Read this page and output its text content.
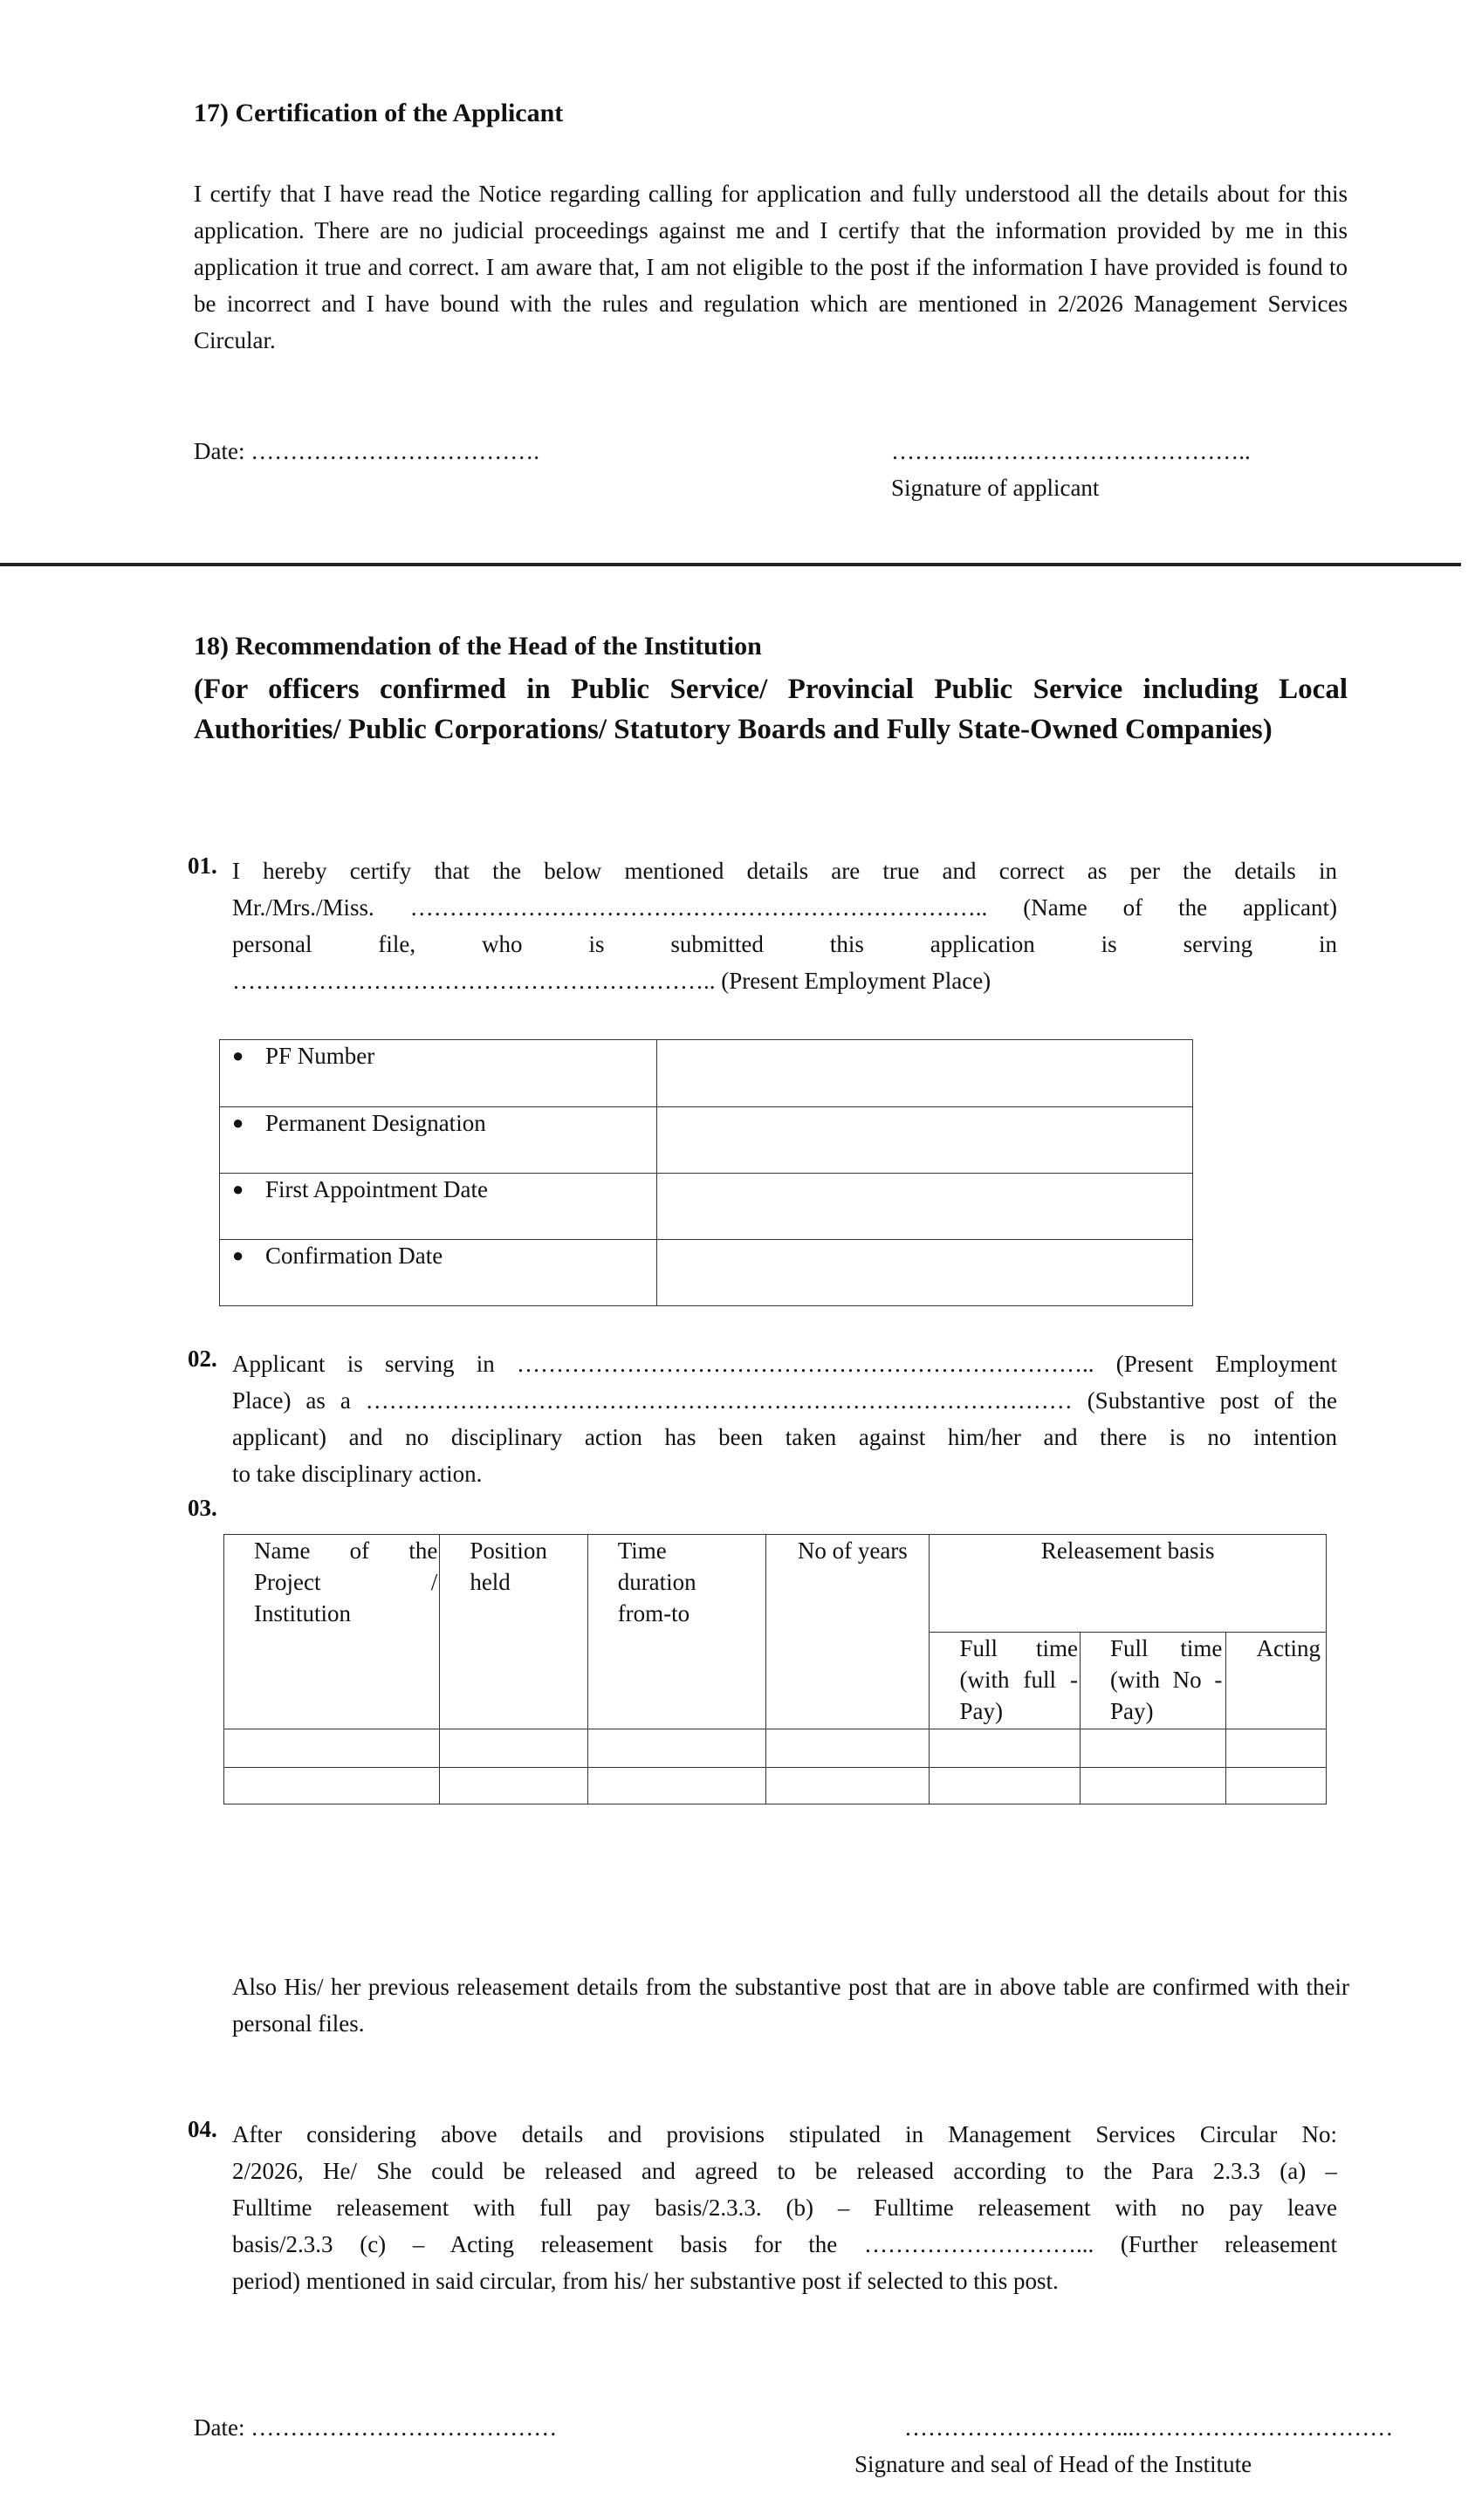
17) Certification of the Applicant
I certify that I have read the Notice regarding calling for application and fully understood all the details about for this application. There are no judicial proceedings against me and I certify that the information provided by me in this application it true and correct. I am aware that, I am not eligible to the post if the information I have provided is found to be incorrect and I have bound with the rules and regulation which are mentioned in 2/2026 Management Services Circular.
Date: ……………………………….	………...……………………………..
Signature of applicant
18) Recommendation of the Head of the Institution
(For officers confirmed in Public Service/ Provincial Public Service including Local Authorities/ Public Corporations/ Statutory Boards and Fully State-Owned Companies)
01. I hereby certify that the below mentioned details are true and correct as per the details in
Mr./Mrs./Miss. ……………………………………………………………….. (Name of the applicant)
personal file, who is submitted this application is serving in
…………………………………………………….. (Present Employment Place)
● PF Number	
● Permanent Designation	
● First Appointment Date	
● Confirmation Date	
02. Applicant is serving in ……………………………………………………………….. (Present Employment
Place) as a ……………………………………………………………………………… (Substantive post of the
applicant) and no disciplinary action has been taken against him/her and there is no intention
to take disciplinary action.
03.
Name of the
Project /
Institution	Position held	Time duration from-to	No of years	Releasement basis		

				Full time (with full -Pay)	Full time (with No -Pay)	Acting

Also His/ her previous releasement details from the substantive post that are in above table are confirmed with their personal files.
04. After considering above details and provisions stipulated in Management Services Circular No:
2/2026, He/ She could be released and agreed to be released according to the Para 2.3.3 (a) –
Fulltime releasement with full pay basis/2.3.3. (b) – Fulltime releasement with no pay leave
basis/2.3.3 (c) – Acting releasement basis for the ………………………... (Further releasement
period) mentioned in said circular, from his/ her substantive post if selected to this post.
Date: …………………………………	………………………...……………………………
Signature and seal of Head of the Institute
